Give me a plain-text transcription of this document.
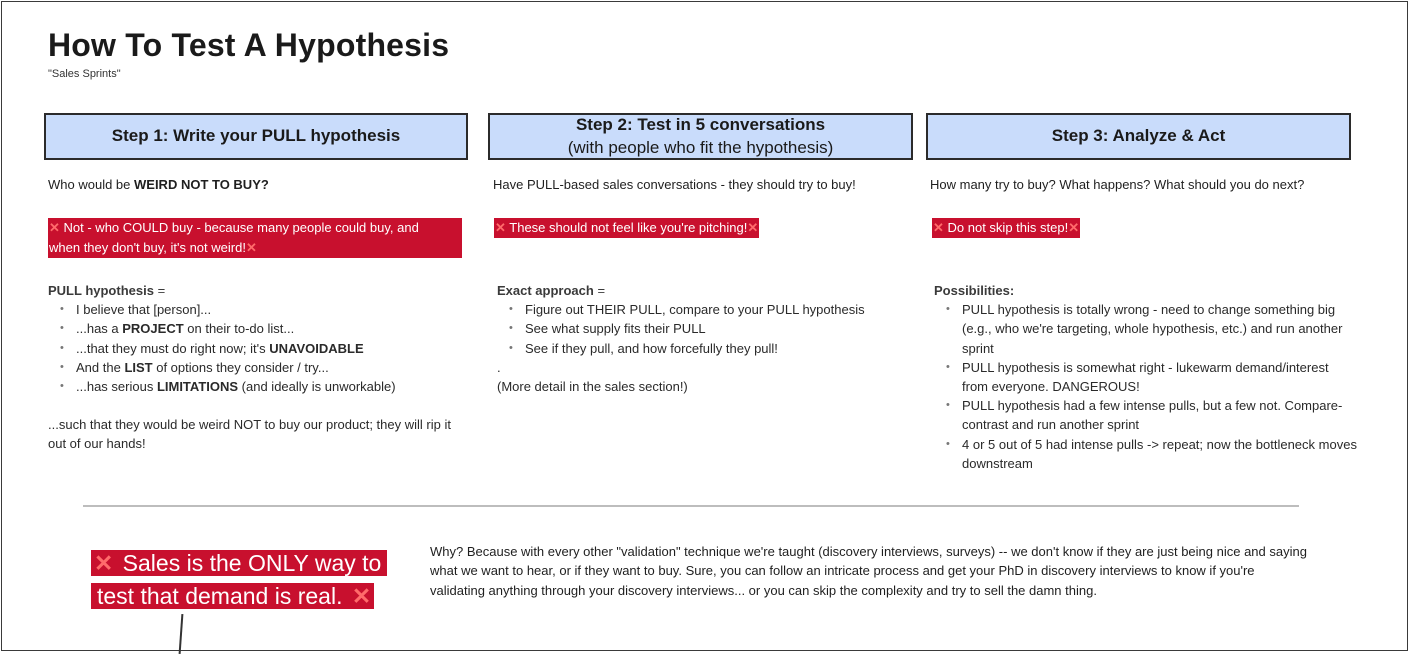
How To Test A Hypothesis
"Sales Sprints"
Step 1: Write your PULL hypothesis
Step 2: Test in 5 conversations
(with people who fit the hypothesis)
Step 3: Analyze & Act
Who would be WEIRD NOT TO BUY?
✕ Not - who COULD buy - because many people could buy, and
when they don't buy, it's not weird!✕
PULL hypothesis =
• I believe that [person]...
• ...has a PROJECT on their to-do list...
• ...that they must do right now; it's UNAVOIDABLE
• And the LIST of options they consider / try...
• ...has serious LIMITATIONS (and ideally is unworkable)
...such that they would be weird NOT to buy our product; they will rip it out of our hands!
Have PULL-based sales conversations - they should try to buy!
✕ These should not feel like you're pitching!✕
Exact approach =
• Figure out THEIR PULL, compare to your PULL hypothesis
• See what supply fits their PULL
• See if they pull, and how forcefully they pull!
.
(More detail in the sales section!)
How many try to buy? What happens? What should you do next?
✕ Do not skip this step!✕
Possibilities:
• PULL hypothesis is totally wrong - need to change something big (e.g., who we're targeting, whole hypothesis, etc.) and run another sprint
• PULL hypothesis is somewhat right - lukewarm demand/interest from everyone. DANGEROUS!
• PULL hypothesis had a few intense pulls, but a few not. Compare-contrast and run another sprint
• 4 or 5 out of 5 had intense pulls -> repeat; now the bottleneck moves downstream
✕ Sales is the ONLY way to test that demand is real. ✕
Why? Because with every other "validation" technique we're taught (discovery interviews, surveys) -- we don't know if they are just being nice and saying what we want to hear, or if they want to buy. Sure, you can follow an intricate process and get your PhD in discovery interviews to know if you're validating anything through your discovery interviews... or you can skip the complexity and try to sell the damn thing.
